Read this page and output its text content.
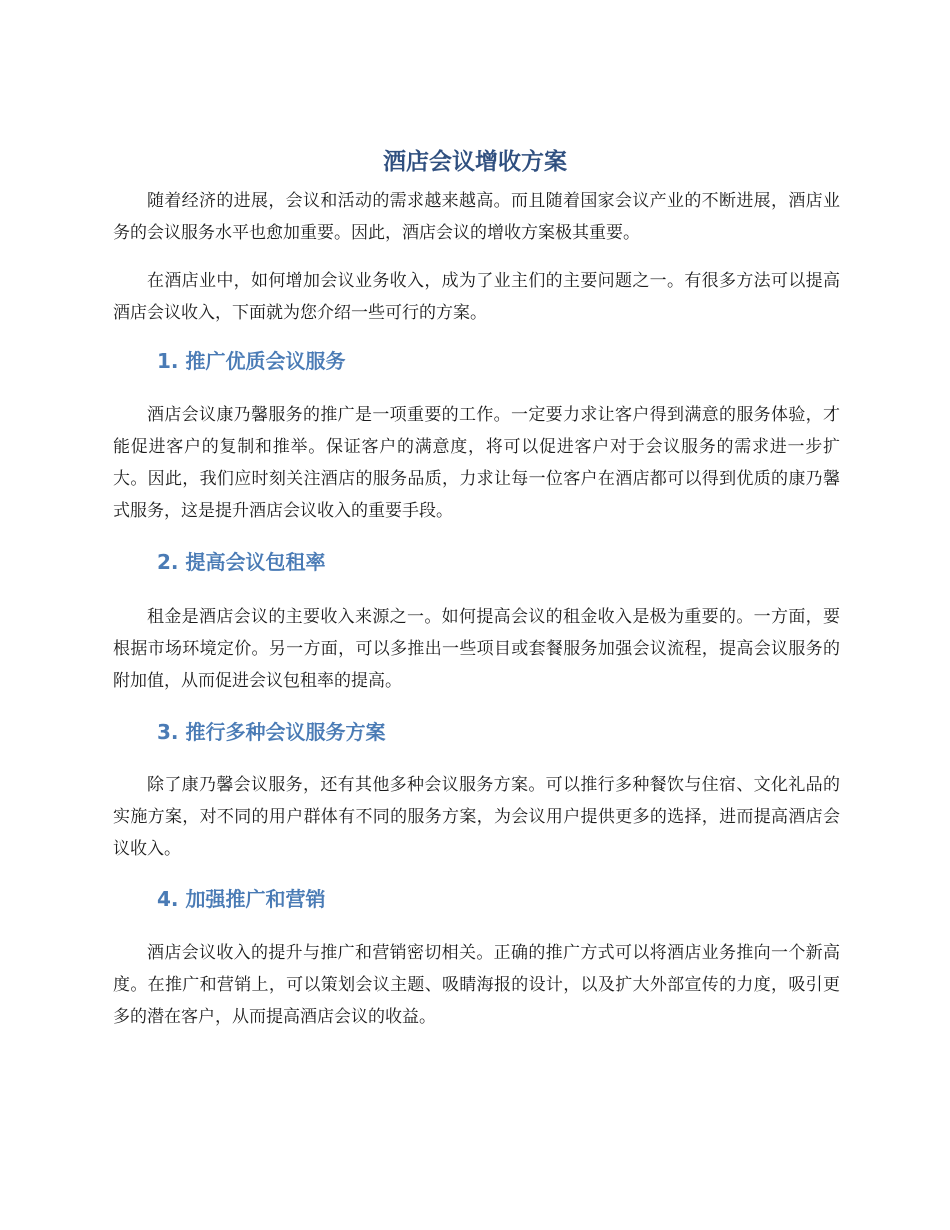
酒店会议增收方案

随着经济的进展，会议和活动的需求越来越高。而且随着国家会议产业的不断进展，酒店业务的会议服务水平也愈加重要。因此，酒店会议的增收方案极其重要。

在酒店业中，如何增加会议业务收入，成为了业主们的主要问题之一。有很多方法可以提高酒店会议收入，下面就为您介绍一些可行的方案。

1. 推广优质会议服务

酒店会议康乃馨服务的推广是一项重要的工作。一定要力求让客户得到满意的服务体验，才能促进客户的复制和推举。保证客户的满意度，将可以促进客户对于会议服务的需求进一步扩大。因此，我们应时刻关注酒店的服务品质，力求让每一位客户在酒店都可以得到优质的康乃馨式服务，这是提升酒店会议收入的重要手段。

2. 提高会议包租率

租金是酒店会议的主要收入来源之一。如何提高会议的租金收入是极为重要的。一方面，要根据市场环境定价。另一方面，可以多推出一些项目或套餐服务加强会议流程，提高会议服务的附加值，从而促进会议包租率的提高。

3. 推行多种会议服务方案

除了康乃馨会议服务，还有其他多种会议服务方案。可以推行多种餐饮与住宿、文化礼品的实施方案，对不同的用户群体有不同的服务方案，为会议用户提供更多的选择，进而提高酒店会议收入。

4. 加强推广和营销

酒店会议收入的提升与推广和营销密切相关。正确的推广方式可以将酒店业务推向一个新高度。在推广和营销上，可以策划会议主题、吸睛海报的设计，以及扩大外部宣传的力度，吸引更多的潜在客户，从而提高酒店会议的收益。
